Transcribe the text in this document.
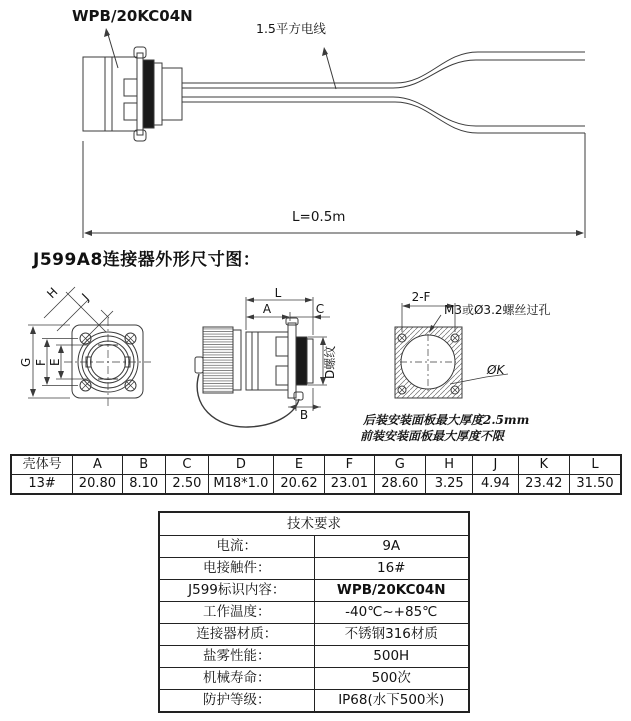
WPB/20KC04N
1.5平方电线
L=0.5m
J599A8连接器外形尺寸图：
G F E
H J	L
A	C
B
D螺纹
2-F
M3或Ø3.2螺丝过孔
ØK
后装安装面板最大厚度2.5mm
前装安装面板最大厚度不限
壳体号	A	B	C	D	E	F	G	H	J	K	L
13#	20.80	8.10	2.50	M18*1.0	20.62	23.01	28.60	3.25	4.94	23.42	31.50
技术要求	
电流：	9A
电接触件：	16#
J599标识内容：	WPB/20KC04N
工作温度：	-40℃~+85℃
连接器材质：	不锈钢316材质
盐雾性能：	500H
机械寿命：	500次
防护等级：	IP68(水下500米)
